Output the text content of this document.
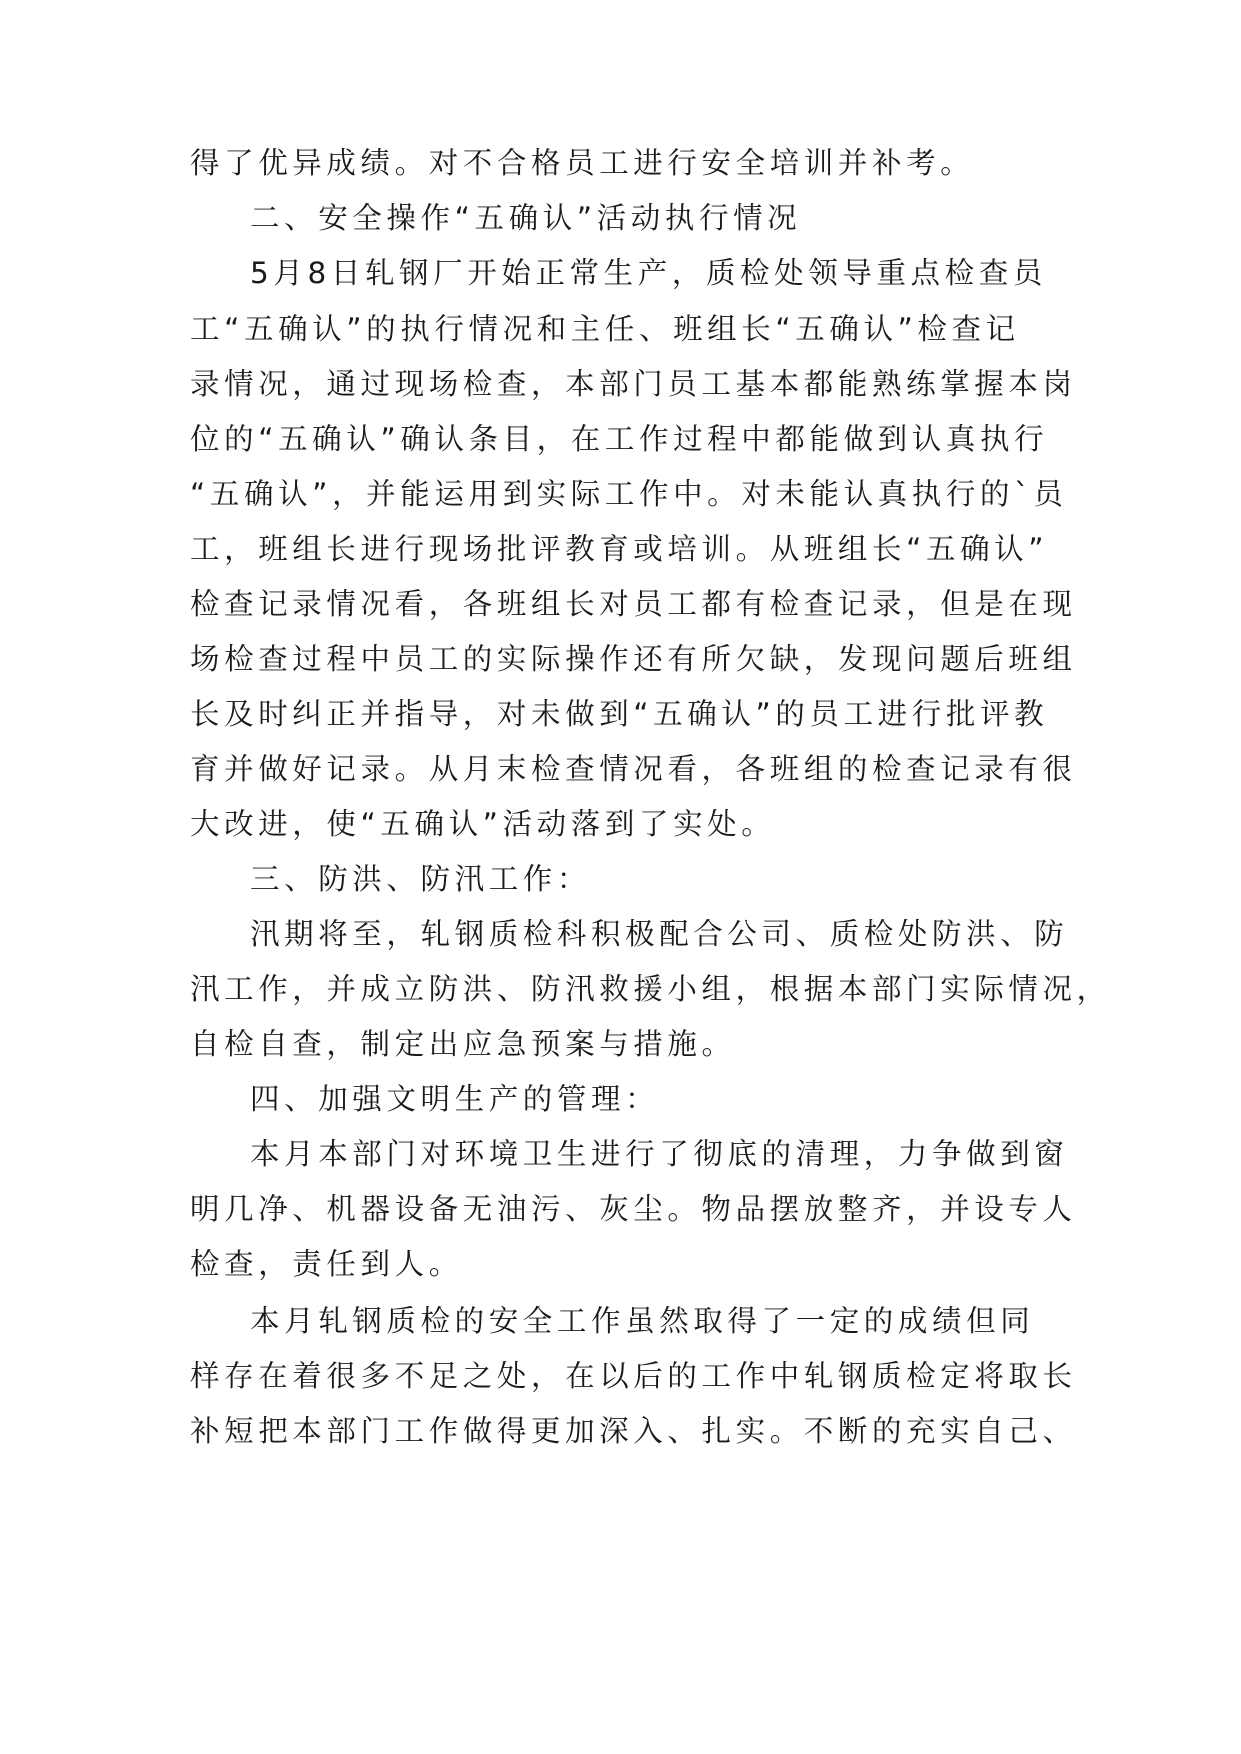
得了优异成绩。对不合格员工进行安全培训并补考。

二、安全操作“五确认”活动执行情况

5月8日轧钢厂开始正常生产，质检处领导重点检查员

工“五确认”的执行情况和主任、班组长“五确认”检查记

录情况，通过现场检查，本部门员工基本都能熟练掌握本岗

位的“五确认”确认条目，在工作过程中都能做到认真执行

“五确认”，并能运用到实际工作中。对未能认真执行的`员

工，班组长进行现场批评教育或培训。从班组长“五确认”

检查记录情况看，各班组长对员工都有检查记录，但是在现

场检查过程中员工的实际操作还有所欠缺，发现问题后班组

长及时纠正并指导，对未做到“五确认”的员工进行批评教

育并做好记录。从月末检查情况看，各班组的检查记录有很

大改进，使“五确认”活动落到了实处。

三、防洪、防汛工作：

汛期将至，轧钢质检科积极配合公司、质检处防洪、防

汛工作，并成立防洪、防汛救援小组，根据本部门实际情况，

自检自查，制定出应急预案与措施。

四、加强文明生产的管理：

本月本部门对环境卫生进行了彻底的清理，力争做到窗

明几净、机器设备无油污、灰尘。物品摆放整齐，并设专人

检查，责任到人。

本月轧钢质检的安全工作虽然取得了一定的成绩但同

样存在着很多不足之处，在以后的工作中轧钢质检定将取长

补短把本部门工作做得更加深入、扎实。不断的充实自己、
